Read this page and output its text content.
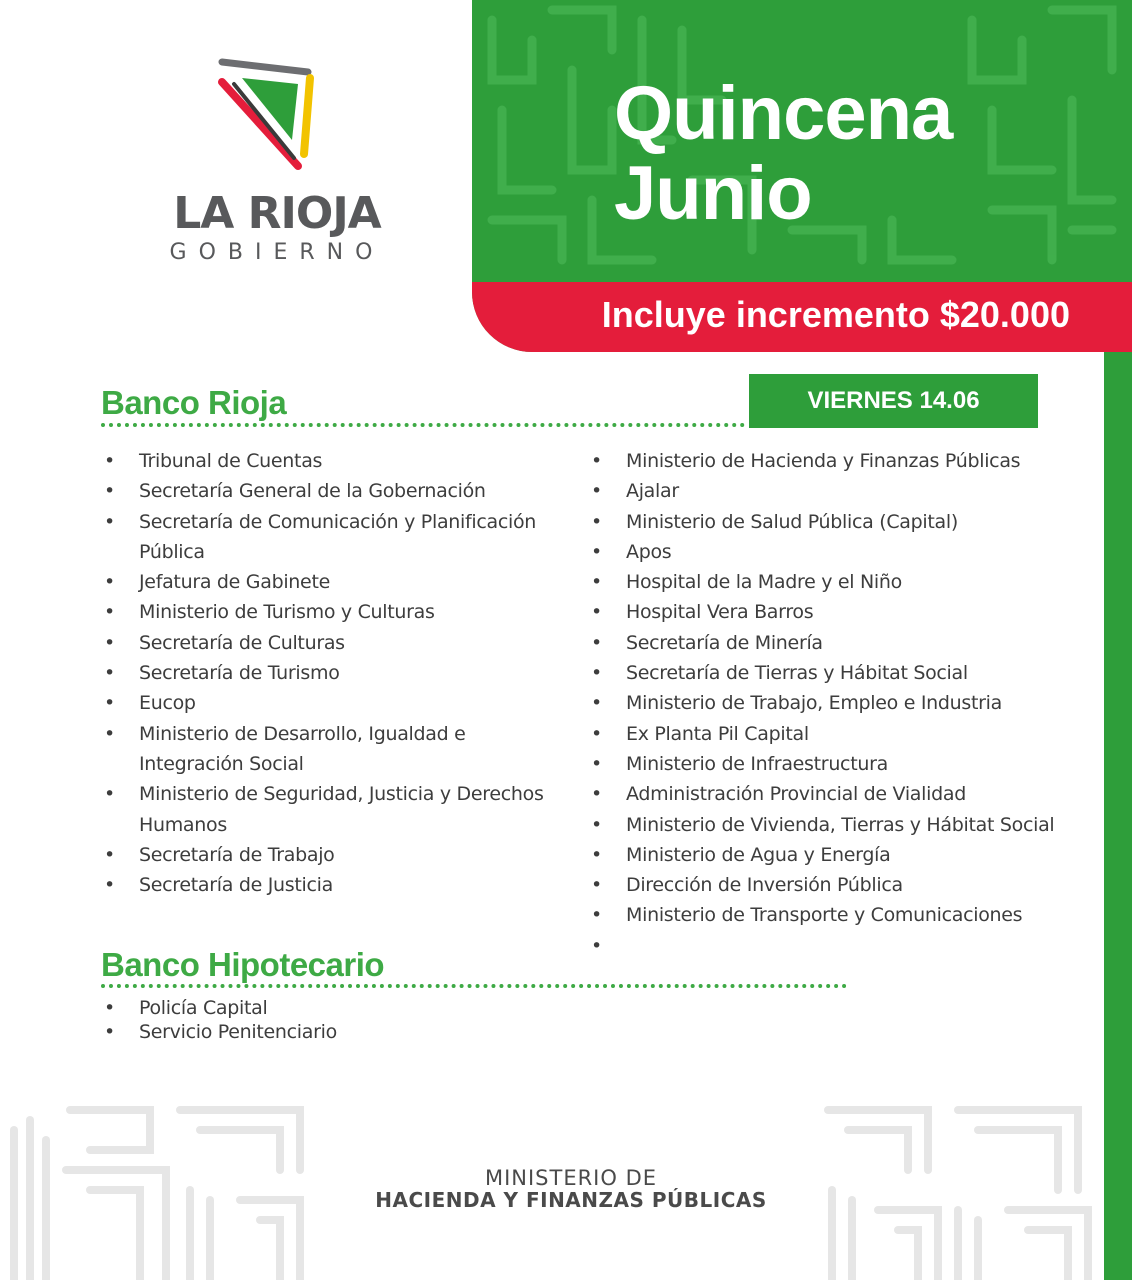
LA RIOJA
GOBIERNO
Quincena
Junio
Incluye incremento $20.000
VIERNES 14.06
Banco Rioja
• Tribunal de Cuentas
• Secretaría General de la Gobernación
• Secretaría de Comunicación y Planificación Pública
• Jefatura de Gabinete
• Ministerio de Turismo y Culturas
• Secretaría de Culturas
• Secretaría de Turismo
• Eucop
• Ministerio de Desarrollo, Igualdad e Integración Social
• Ministerio de Seguridad, Justicia y Derechos Humanos
• Secretaría de Trabajo
• Secretaría de Justicia
• Ministerio de Hacienda y Finanzas Públicas
• Ajalar
• Ministerio de Salud Pública (Capital)
• Apos
• Hospital de la Madre y el Niño
• Hospital Vera Barros
• Secretaría de Minería
• Secretaría de Tierras y Hábitat Social
• Ministerio de Trabajo, Empleo e Industria
• Ex Planta Pil Capital
• Ministerio de Infraestructura
• Administración Provincial de Vialidad
• Ministerio de Vivienda, Tierras y Hábitat Social
• Ministerio de Agua y Energía
• Dirección de Inversión Pública
• Ministerio de Transporte y Comunicaciones
•
Banco Hipotecario
• Policía Capital
• Servicio Penitenciario
MINISTERIO DE
HACIENDA Y FINANZAS PÚBLICAS
